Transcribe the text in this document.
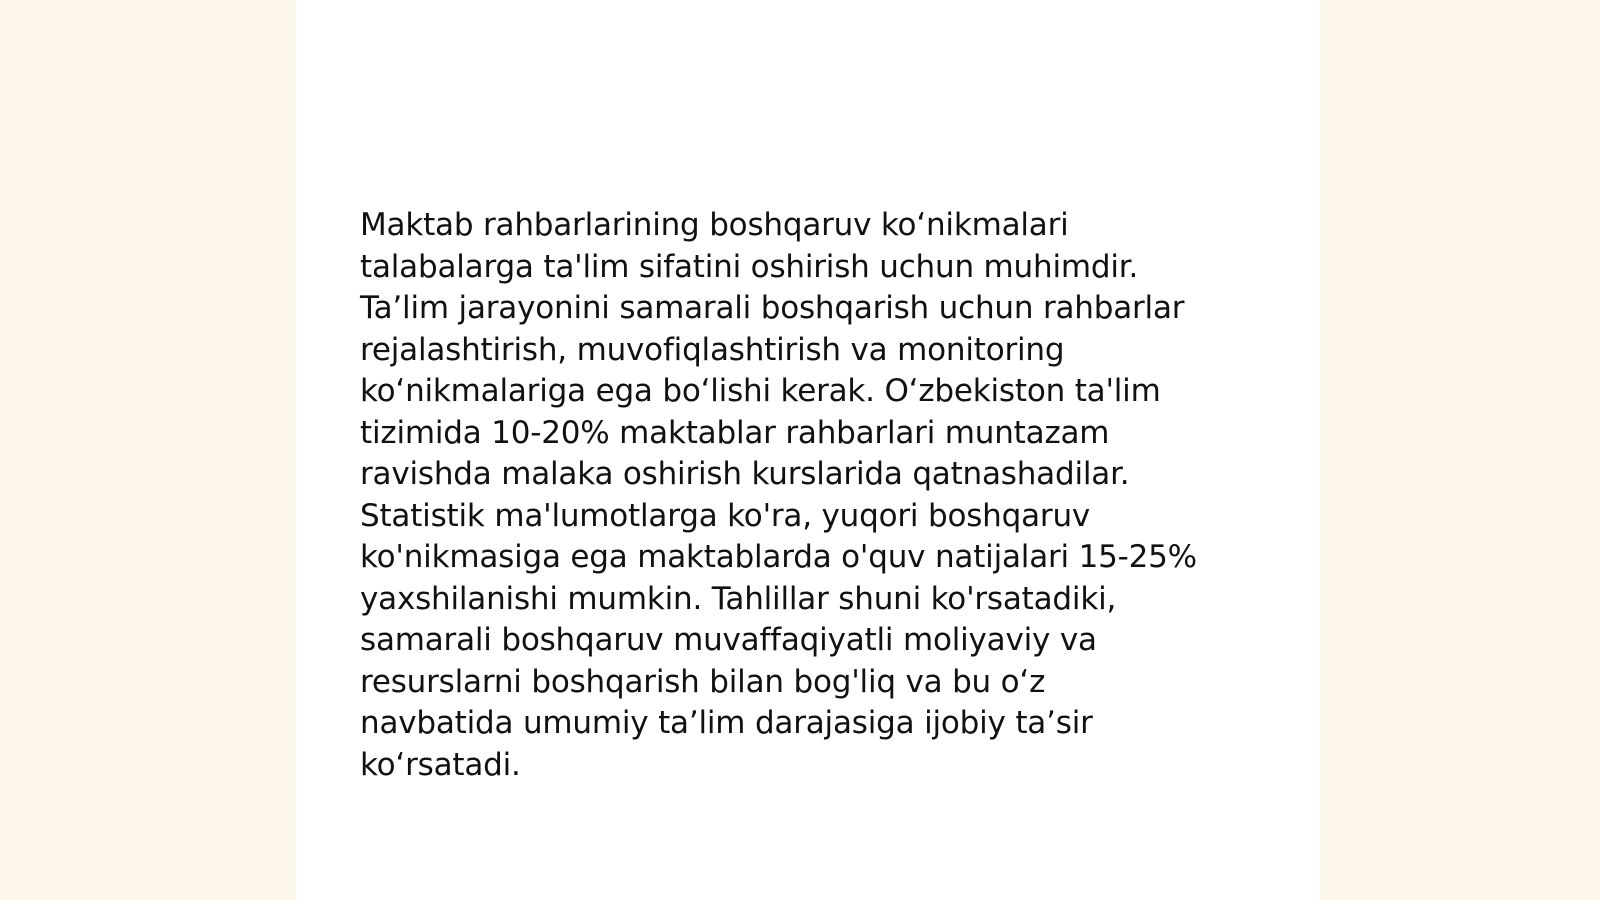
Maktab rahbarlarining boshqaruv ko‘nikmalari
talabalarga ta'lim sifatini oshirish uchun muhimdir.
Ta’lim jarayonini samarali boshqarish uchun rahbarlar
rejalashtirish, muvofiqlashtirish va monitoring
ko‘nikmalariga ega bo‘lishi kerak. O‘zbekiston ta'lim
tizimida 10-20% maktablar rahbarlari muntazam
ravishda malaka oshirish kurslarida qatnashadilar.
Statistik ma'lumotlarga ko'ra, yuqori boshqaruv
ko'nikmasiga ega maktablarda o'quv natijalari 15-25%
yaxshilanishi mumkin. Tahlillar shuni ko'rsatadiki,
samarali boshqaruv muvaffaqiyatli moliyaviy va
resurslarni boshqarish bilan bog'liq va bu o‘z
navbatida umumiy ta’lim darajasiga ijobiy ta’sir
ko‘rsatadi.
